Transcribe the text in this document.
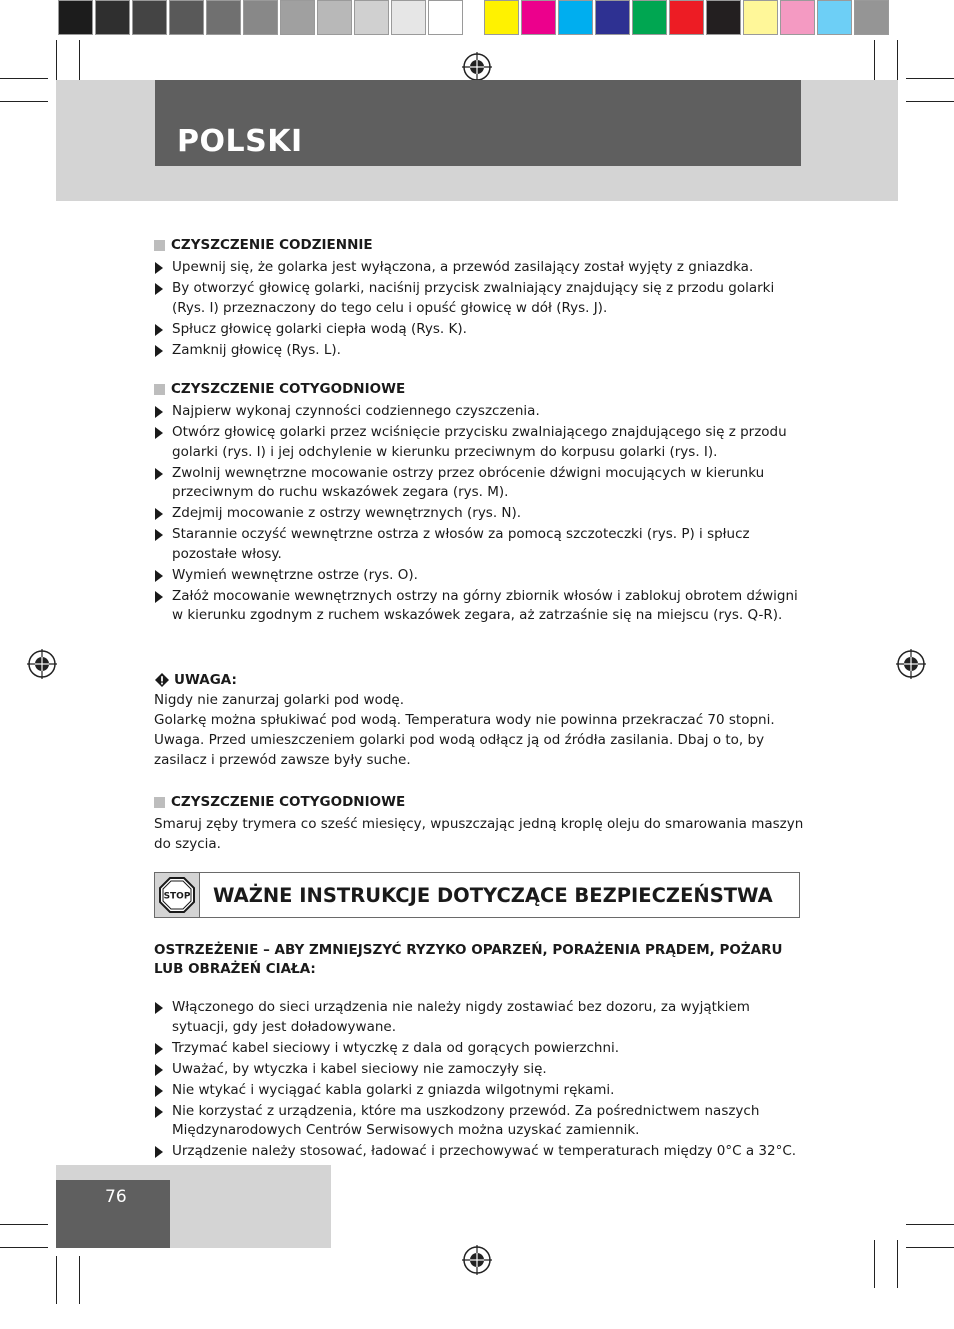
POLSKI
CZYSZCZENIE CODZIENNIE
Upewnij się, że golarka jest wyłączona, a przewód zasilający został wyjęty z gniazdka.
By otworzyć głowicę golarki, naciśnij przycisk zwalniający znajdujący się z przodu golarki (Rys. I) przeznaczony do tego celu i opuść głowicę w dół (Rys. J).
Spłucz głowicę golarki ciepła wodą (Rys. K).
Zamknij głowicę (Rys. L).
CZYSZCZENIE COTYGODNIOWE
Najpierw wykonaj czynności codziennego czyszczenia.
Otwórz głowicę golarki przez wciśnięcie przycisku zwalniającego znajdującego się z przodu golarki (rys. I) i jej odchylenie w kierunku przeciwnym do korpusu golarki (rys. I).
Zwolnij wewnętrzne mocowanie ostrzy przez obrócenie dźwigni mocujących w kierunku przeciwnym do ruchu wskazówek zegara (rys. M).
Zdejmij mocowanie z ostrzy wewnętrznych (rys. N).
Starannie oczyść wewnętrzne ostrza z włosów za pomocą szczoteczki (rys. P) i spłucz pozostałe włosy.
Wymień wewnętrzne ostrze (rys. O).
Załóż mocowanie wewnętrznych ostrzy na górny zbiornik włosów i zablokuj obrotem dźwigni w kierunku zgodnym z ruchem wskazówek zegara, aż zatrzaśnie się na miejscu (rys. Q-R).
UWAGA:

Nigdy nie zanurzaj golarki pod wodę.

Golarkę można spłukiwać pod wodą. Temperatura wody nie powinna przekraczać 70 stopni. Uwaga. Przed umieszczeniem golarki pod wodą odłącz ją od źródła zasilania. Dbaj o to, by zasilacz i przewód zawsze były suche.

CZYSZCZENIE COTYGODNIOWE

Smaruj zęby trymera co sześć miesięcy, wpuszczając jedną kroplę oleju do smarowania maszyn do szycia.

STOP WAŻNE INSTRUKCJE DOTYCZĄCE BEZPIECZEŃSTWA

OSTRZEŻENIE – ABY ZMNIEJSZYĆ RYZYKO OPARZEŃ, PORAŻENIA PRĄDEM, POŻARU LUB OBRAŻEŃ CIAŁA:

Włączonego do sieci urządzenia nie należy nigdy zostawiać bez dozoru, za wyjątkiem sytuacji, gdy jest doładowywane.
Trzymać kabel sieciowy i wtyczkę z dala od gorących powierzchni.
Uważać, by wtyczka i kabel sieciowy nie zamoczyły się.
Nie wtykać i wyciągać kabla golarki z gniazda wilgotnymi rękami.
Nie korzystać z urządzenia, które ma uszkodzony przewód. Za pośrednictwem naszych Międzynarodowych Centrów Serwisowych można uzyskać zamiennik.
Urządzenie należy stosować, ładować i przechowywać w temperaturach między 0°C a 32°C.
76
